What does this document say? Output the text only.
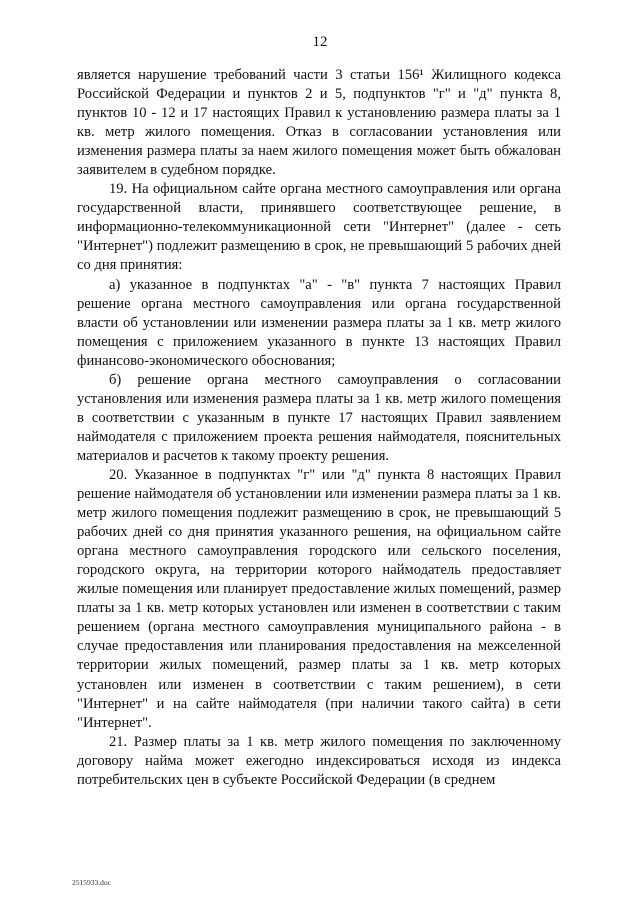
12

является нарушение требований части 3 статьи 156¹ Жилищного кодекса Российской Федерации и пунктов 2 и 5, подпунктов "г" и "д" пункта 8, пунктов 10 - 12 и 17 настоящих Правил к установлению размера платы за 1 кв. метр жилого помещения. Отказ в согласовании установления или изменения размера платы за наем жилого помещения может быть обжалован заявителем в судебном порядке.

19. На официальном сайте органа местного самоуправления или органа государственной власти, принявшего соответствующее решение, в информационно-телекоммуникационной сети "Интернет" (далее - сеть "Интернет") подлежит размещению в срок, не превышающий 5 рабочих дней со дня принятия:

а) указанное в подпунктах "а" - "в" пункта 7 настоящих Правил решение органа местного самоуправления или органа государственной власти об установлении или изменении размера платы за 1 кв. метр жилого помещения с приложением указанного в пункте 13 настоящих Правил финансово-экономического обоснования;

б) решение органа местного самоуправления о согласовании установления или изменения размера платы за 1 кв. метр жилого помещения в соответствии с указанным в пункте 17 настоящих Правил заявлением наймодателя с приложением проекта решения наймодателя, пояснительных материалов и расчетов к такому проекту решения.

20. Указанное в подпунктах "г" или "д" пункта 8 настоящих Правил решение наймодателя об установлении или изменении размера платы за 1 кв. метр жилого помещения подлежит размещению в срок, не превышающий 5 рабочих дней со дня принятия указанного решения, на официальном сайте органа местного самоуправления городского или сельского поселения, городского округа, на территории которого наймодатель предоставляет жилые помещения или планирует предоставление жилых помещений, размер платы за 1 кв. метр которых установлен или изменен в соответствии с таким решением (органа местного самоуправления муниципального района - в случае предоставления или планирования предоставления на межселенной территории жилых помещений, размер платы за 1 кв. метр которых установлен или изменен в соответствии с таким решением), в сети "Интернет" и на сайте наймодателя (при наличии такого сайта) в сети "Интернет".

21. Размер платы за 1 кв. метр жилого помещения по заключенному договору найма может ежегодно индексироваться исходя из индекса потребительских цен в субъекте Российской Федерации (в среднем

2515933.doc
